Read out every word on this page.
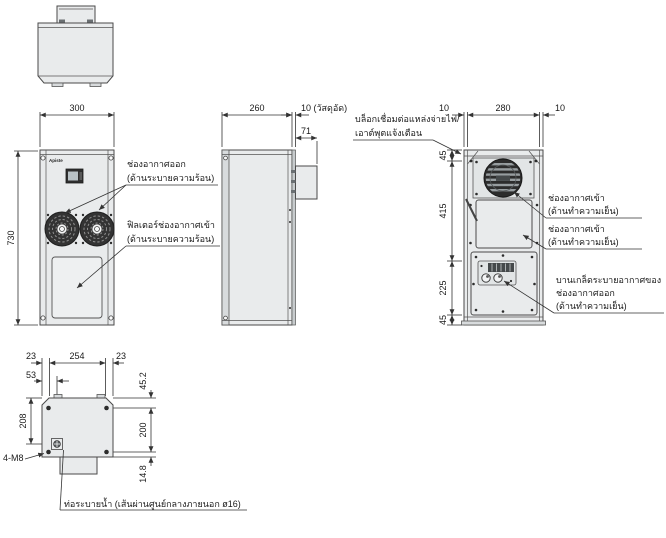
300
730
Apiste	ช่องอากาศออก
(ด้านระบายความร้อน)
ฟิลเตอร์ช่องอากาศเข้า
(ด้านระบายความร้อน)
260	10 (วัสดุอัด)
71
10	280	10
45
415
225
45
บล็อกเชื่อมต่อแหล่งจ่ายไฟ/
เอาต์พุตแจ้งเตือน
ช่องอากาศเข้า
(ด้านทำความเย็น)
ช่องอากาศเข้า
(ด้านทำความเย็น)
บานเกล็ดระบายอากาศของ
ช่องอากาศออก
(ด้านทำความเย็น)
23	254	23
53
208
45.2
200
14.8
4-M8
ท่อระบายน้ำ (เส้นผ่านศูนย์กลางภายนอก ø16)
